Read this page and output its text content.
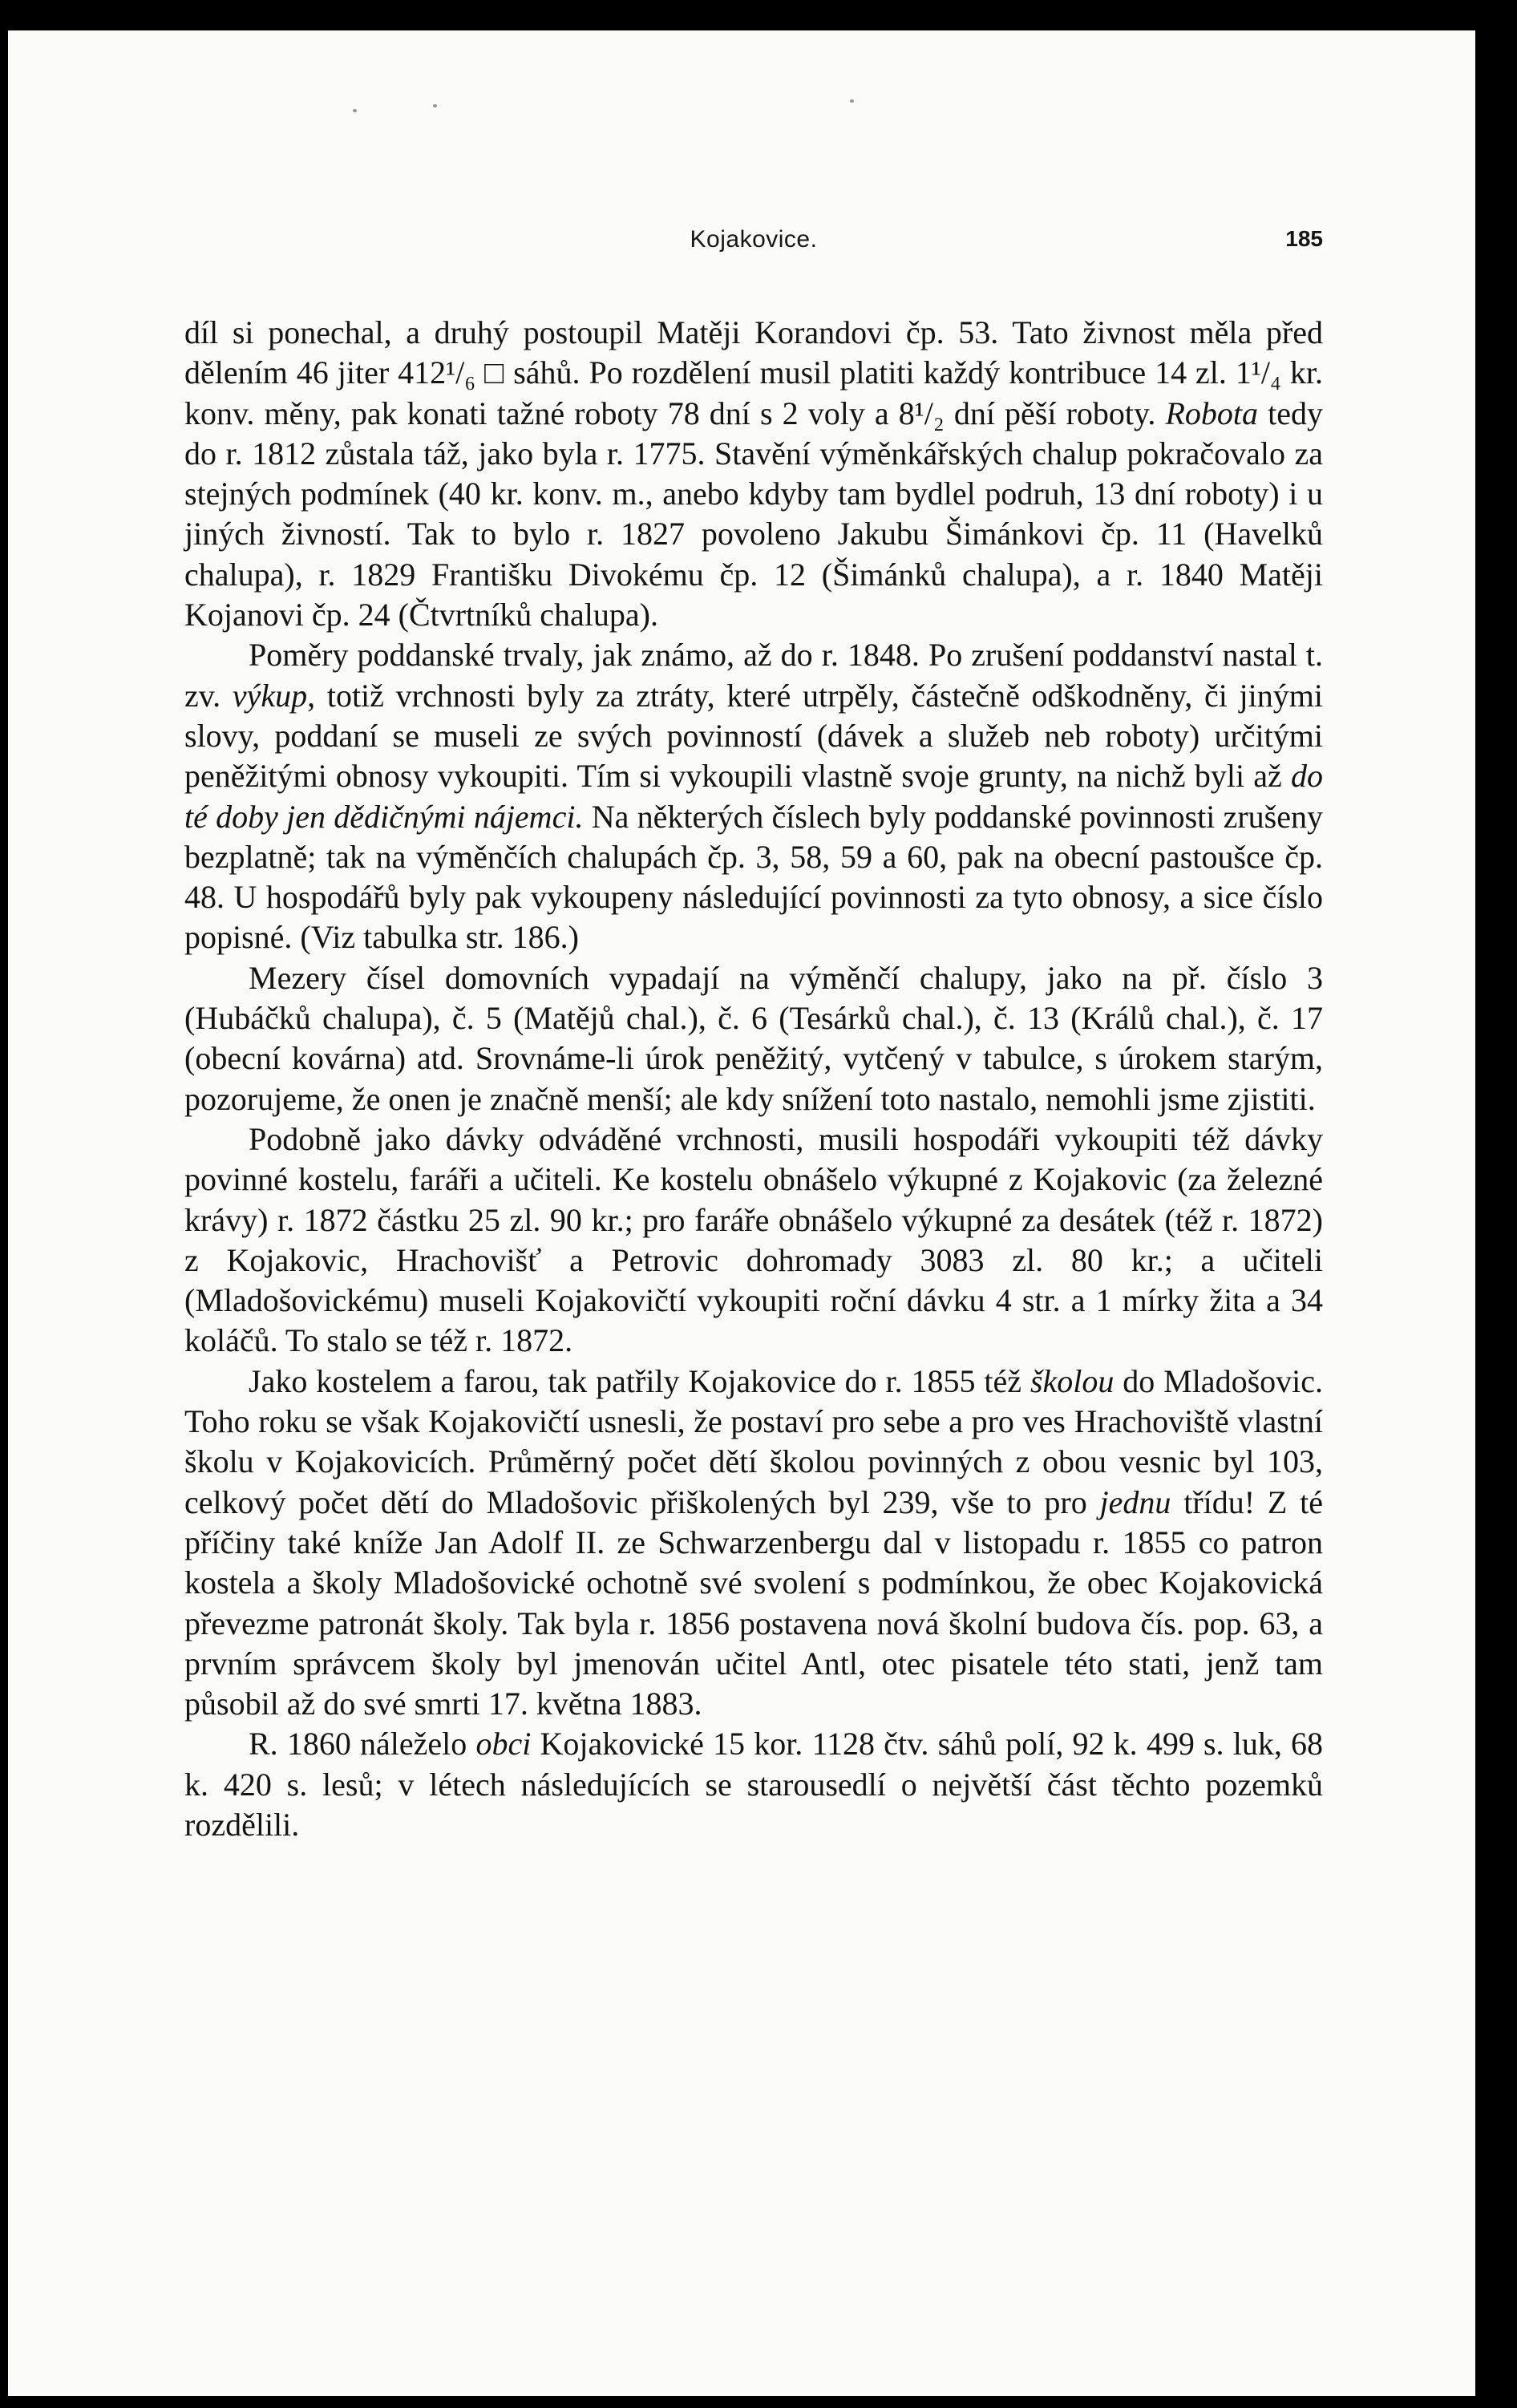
Kojakovice.	185

díl si ponechal, a druhý postoupil Matěji Korandovi čp. 53. Tato živnost měla před dělením 46 jiter 412¹/₆ □ sáhů. Po rozdělení musil platiti každý kontribuce 14 zl. 1¹/₄ kr. konv. měny, pak konati tažné roboty 78 dní s 2 voly a 8¹/₂ dní pěší roboty. Robota tedy do r. 1812 zůstala táž, jako byla r. 1775. Stavění výměnkářských chalup pokračovalo za stejných podmínek (40 kr. konv. m., anebo kdyby tam bydlel podruh, 13 dní roboty) i u jiných živností. Tak to bylo r. 1827 povoleno Jakubu Šimánkovi čp. 11 (Havelků chalupa), r. 1829 Františku Divokému čp. 12 (Šimánků chalupa), a r. 1840 Matěji Kojanovi čp. 24 (Čtvrtníků chalupa).

Poměry poddanské trvaly, jak známo, až do r. 1848. Po zrušení poddanství nastal t. zv. výkup, totiž vrchnosti byly za ztráty, které utrpěly, částečně odškodněny, či jinými slovy, poddaní se museli ze svých povinností (dávek a služeb neb roboty) určitými peněžitými obnosy vykoupiti. Tím si vykoupili vlastně svoje grunty, na nichž byli až do té doby jen dědičnými nájemci. Na některých číslech byly poddanské povinnosti zrušeny bezplatně; tak na výměnčích chalupách čp. 3, 58, 59 a 60, pak na obecní pastoušce čp. 48. U hospodářů byly pak vykoupeny následující povinnosti za tyto obnosy, a sice číslo popisné. (Viz tabulka str. 186.)

Mezery čísel domovních vypadají na výměnčí chalupy, jako na př. číslo 3 (Hubáčků chalupa), č. 5 (Matějů chal.), č. 6 (Tesárků chal.), č. 13 (Králů chal.), č. 17 (obecní kovárna) atd. Srovnáme-li úrok peněžitý, vytčený v tabulce, s úrokem starým, pozorujeme, že onen je značně menší; ale kdy snížení toto nastalo, nemohli jsme zjistiti.

Podobně jako dávky odváděné vrchnosti, musili hospodáři vykoupiti též dávky povinné kostelu, faráři a učiteli. Ke kostelu obnášelo výkupné z Kojakovic (za železné krávy) r. 1872 částku 25 zl. 90 kr.; pro faráře obnášelo výkupné za desátek (též r. 1872) z Kojakovic, Hrachovišť a Petrovic dohromady 3083 zl. 80 kr.; a učiteli (Mladošovickému) museli Kojakovičtí vykoupiti roční dávku 4 str. a 1 mírky žita a 34 koláčů. To stalo se též r. 1872.

Jako kostelem a farou, tak patřily Kojakovice do r. 1855 též školou do Mladošovic. Toho roku se však Kojakovičtí usnesli, že postaví pro sebe a pro ves Hrachoviště vlastní školu v Kojakovicích. Průměrný počet dětí školou povinných z obou vesnic byl 103, celkový počet dětí do Mladošovic přiškolených byl 239, vše to pro jednu třídu! Z té příčiny také kníže Jan Adolf II. ze Schwarzenbergu dal v listopadu r. 1855 co patron kostela a školy Mladošovické ochotně své svolení s podmínkou, že obec Kojakovická převezme patronát školy. Tak byla r. 1856 postavena nová školní budova čís. pop. 63, a prvním správcem školy byl jmenován učitel Antl, otec pisatele této stati, jenž tam působil až do své smrti 17. května 1883.

R. 1860 náleželo obci Kojakovické 15 kor. 1128 čtv. sáhů polí, 92 k. 499 s. luk, 68 k. 420 s. lesů; v létech následujících se starousedlí o největší část těchto pozemků rozdělili.
